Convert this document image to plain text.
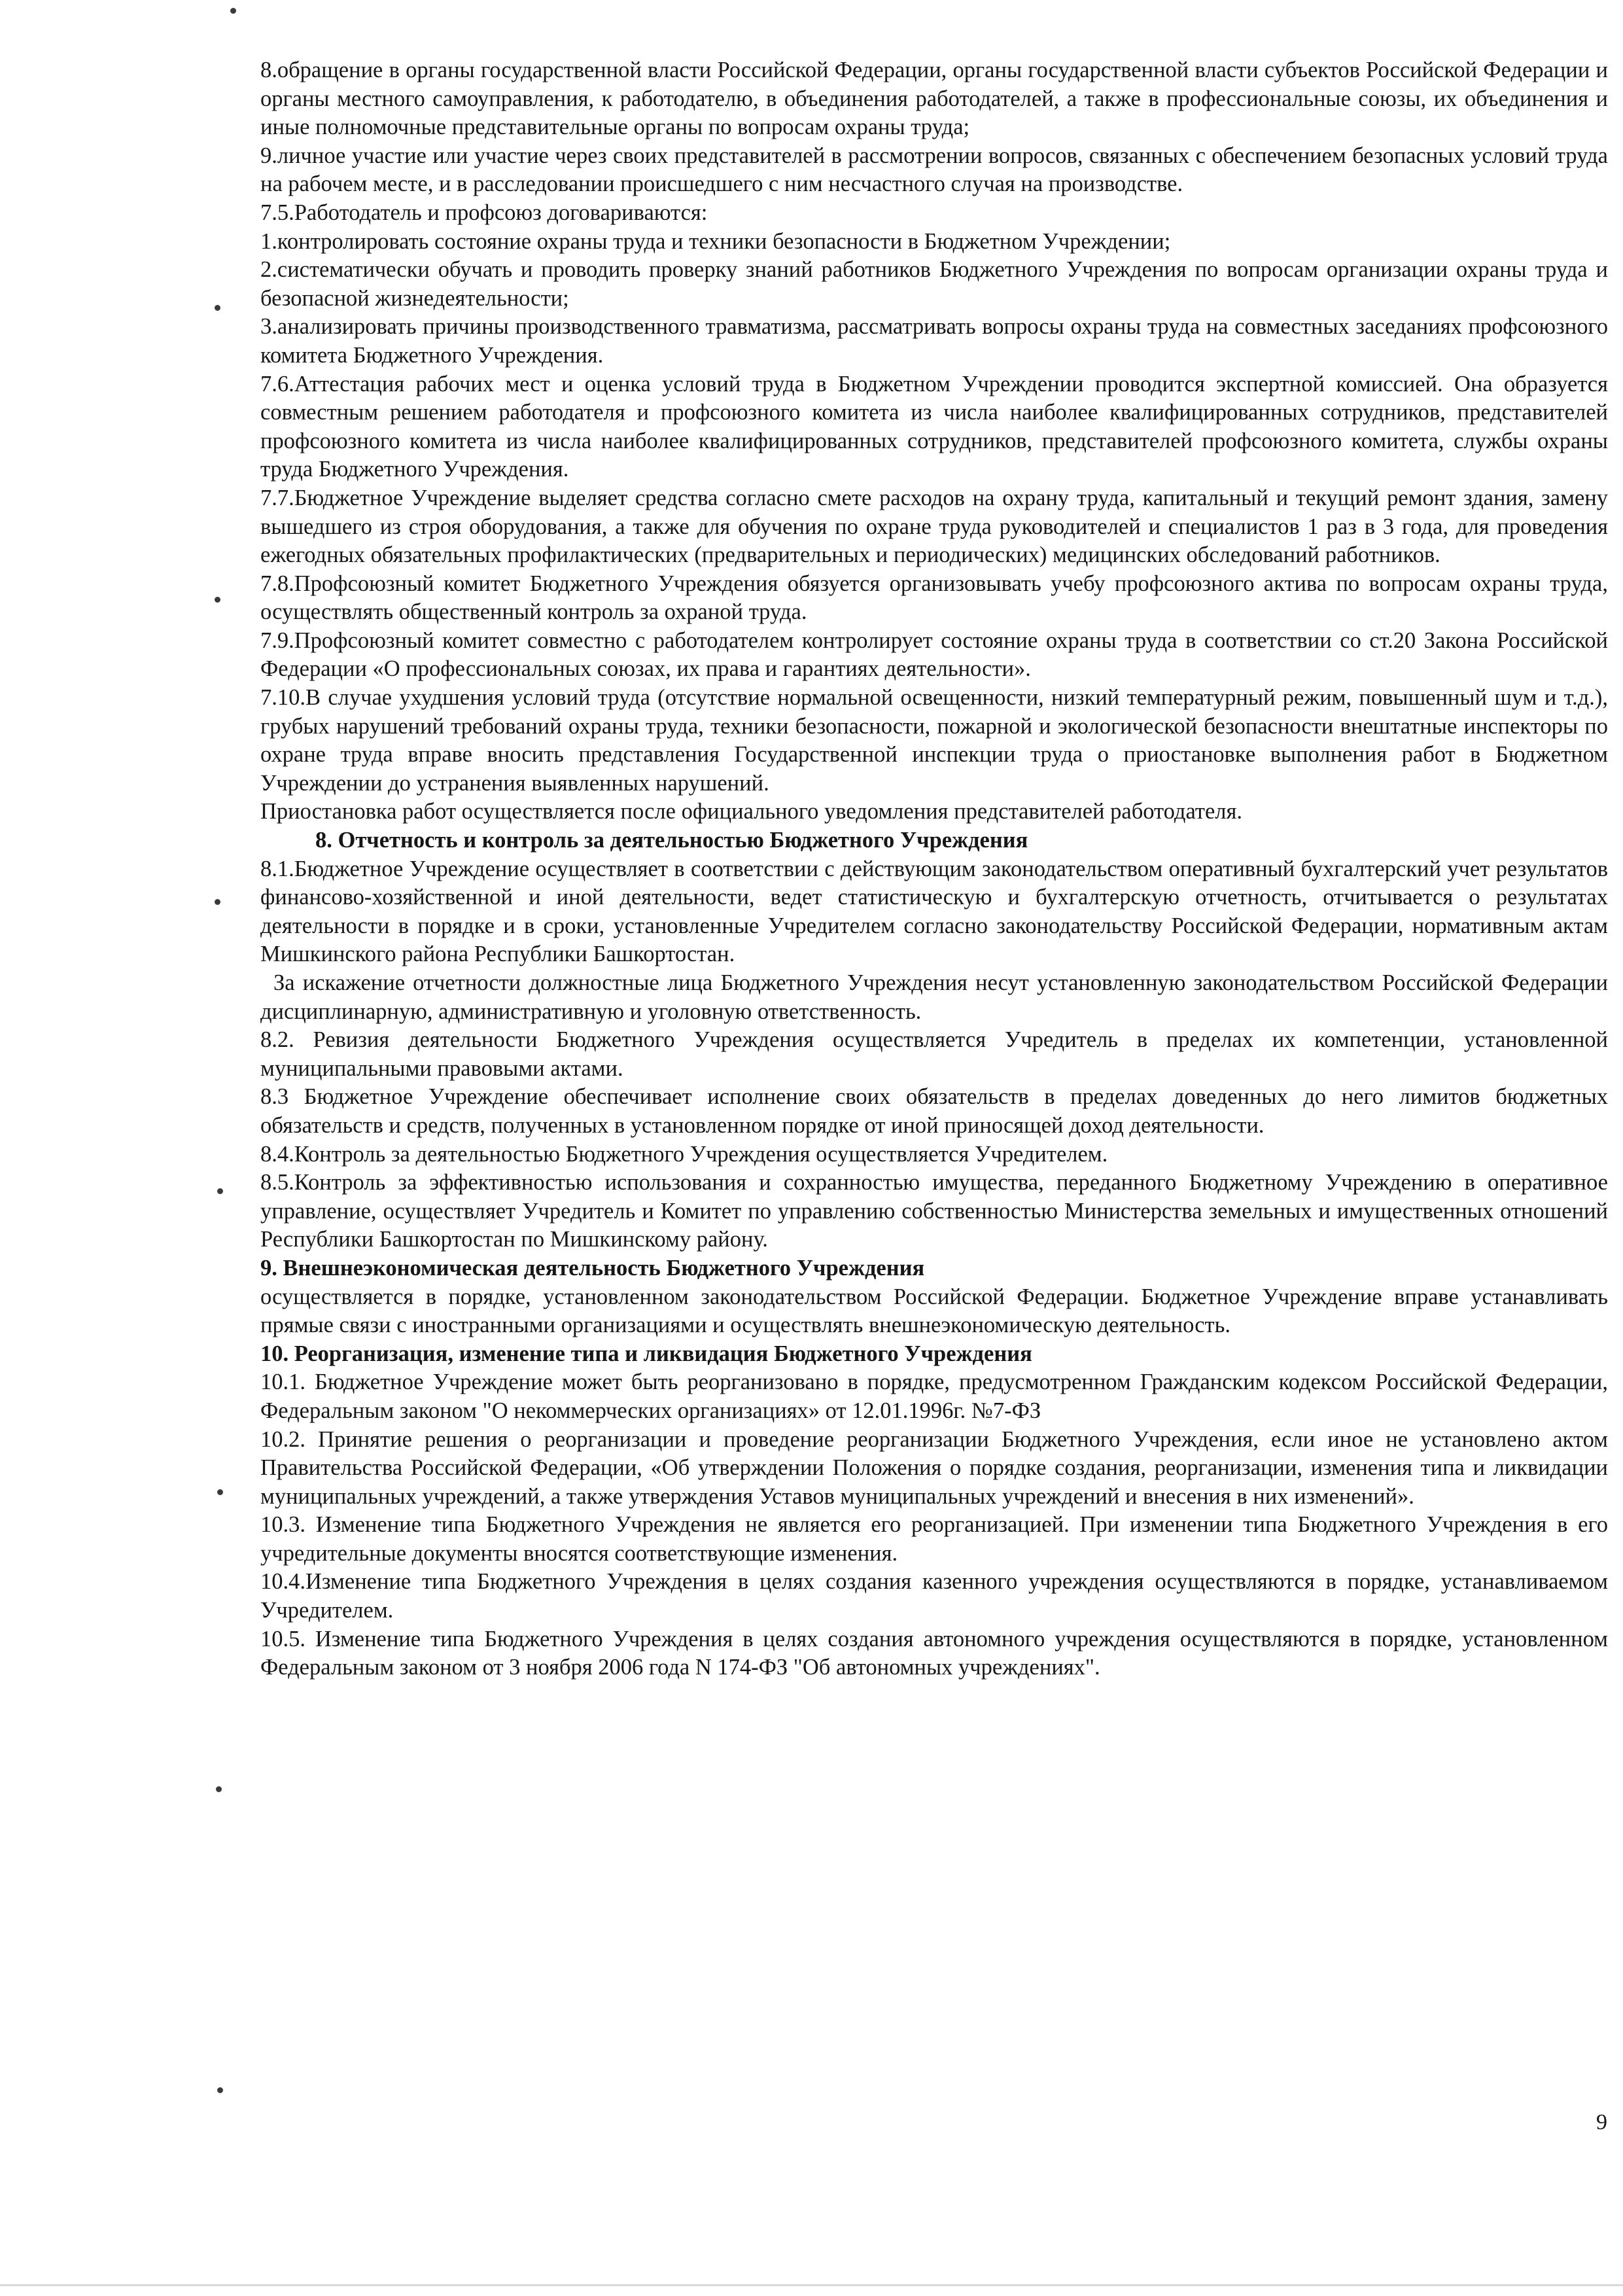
8.обращение в органы государственной власти Российской Федерации, органы государственной власти субъектов Российской Федерации и органы местного самоуправления, к работодателю, в объединения работодателей, а также в профессиональные союзы, их объединения и иные полномочные представительные органы по вопросам охраны труда;

9.личное участие или участие через своих представителей в рассмотрении вопросов, связанных с обеспечением безопасных условий труда на рабочем месте, и в расследовании происшедшего с ним несчастного случая на производстве.

7.5.Работодатель и профсоюз договариваются:

1.контролировать состояние охраны труда и техники безопасности в Бюджетном Учреждении;

2.систематически обучать и проводить проверку знаний работников Бюджетного Учреждения по вопросам организации охраны труда и безопасной жизнедеятельности;

3.анализировать причины производственного травматизма, рассматривать вопросы охраны труда на совместных заседаниях профсоюзного комитета Бюджетного Учреждения.

7.6.Аттестация рабочих мест и оценка условий труда в Бюджетном Учреждении проводится экспертной комиссией. Она образуется совместным решением работодателя и профсоюзного комитета из числа наиболее квалифицированных сотрудников, представителей профсоюзного комитета из числа наиболее квалифицированных сотрудников, представителей профсоюзного комитета, службы охраны труда Бюджетного Учреждения.

7.7.Бюджетное Учреждение выделяет средства согласно смете расходов на охрану труда, капитальный и текущий ремонт здания, замену вышедшего из строя оборудования, а также для обучения по охране труда руководителей и специалистов 1 раз в 3 года, для проведения ежегодных обязательных профилактических (предварительных и периодических) медицинских обследований работников.

7.8.Профсоюзный комитет Бюджетного Учреждения обязуется организовывать учебу профсоюзного актива по вопросам охраны труда, осуществлять общественный контроль за охраной труда.

7.9.Профсоюзный комитет совместно с работодателем контролирует состояние охраны труда в соответствии со ст.20 Закона Российской Федерации «О профессиональных союзах, их права и гарантиях деятельности».

7.10.В случае ухудшения условий труда (отсутствие нормальной освещенности, низкий температурный режим, повышенный шум и т.д.), грубых нарушений требований охраны труда, техники безопасности, пожарной и экологической безопасности внештатные инспекторы по охране труда вправе вносить представления Государственной инспекции труда о приостановке выполнения работ в Бюджетном Учреждении до устранения выявленных нарушений.

Приостановка работ осуществляется после официального уведомления представителей работодателя.

8. Отчетность и контроль за деятельностью Бюджетного Учреждения

8.1.Бюджетное Учреждение осуществляет в соответствии с действующим законодательством оперативный бухгалтерский учет результатов финансово-хозяйственной и иной деятельности, ведет статистическую и бухгалтерскую отчетность, отчитывается о результатах деятельности в порядке и в сроки, установленные Учредителем согласно законодательству Российской Федерации, нормативным актам Мишкинского района Республики Башкортостан.

За искажение отчетности должностные лица Бюджетного Учреждения несут установленную законодательством Российской Федерации дисциплинарную, административную и уголовную ответственность.

8.2. Ревизия деятельности Бюджетного Учреждения осуществляется Учредитель в пределах их компетенции, установленной муниципальными правовыми актами.

8.3 Бюджетное Учреждение обеспечивает исполнение своих обязательств в пределах доведенных до него лимитов бюджетных обязательств и средств, полученных в установленном порядке от иной приносящей доход деятельности.

8.4.Контроль за деятельностью Бюджетного Учреждения осуществляется Учредителем.

8.5.Контроль за эффективностью использования и сохранностью имущества, переданного Бюджетному Учреждению в оперативное управление, осуществляет Учредитель и Комитет по управлению собственностью Министерства земельных и имущественных отношений Республики Башкортостан по Мишкинскому району.

9. Внешнеэкономическая деятельность Бюджетного Учреждения

осуществляется в порядке, установленном законодательством Российской Федерации. Бюджетное Учреждение вправе устанавливать прямые связи с иностранными организациями и осуществлять внешнеэкономическую деятельность.

10. Реорганизация, изменение типа и ликвидация Бюджетного Учреждения

10.1. Бюджетное Учреждение может быть реорганизовано в порядке, предусмотренном Гражданским кодексом Российской Федерации, Федеральным законом "О некоммерческих организациях» от 12.01.1996г. №7-ФЗ

10.2. Принятие решения о реорганизации и проведение реорганизации Бюджетного Учреждения, если иное не установлено актом Правительства Российской Федерации, «Об утверждении Положения о порядке создания, реорганизации, изменения типа и ликвидации муниципальных учреждений, а также утверждения Уставов муниципальных учреждений и внесения в них изменений».

10.3. Изменение типа Бюджетного Учреждения не является его реорганизацией. При изменении типа Бюджетного Учреждения в его учредительные документы вносятся соответствующие изменения.

10.4.Изменение типа Бюджетного Учреждения в целях создания казенного учреждения осуществляются в порядке, устанавливаемом Учредителем.

10.5. Изменение типа Бюджетного Учреждения в целях создания автономного учреждения осуществляются в порядке, установленном Федеральным законом от 3 ноября 2006 года N 174-ФЗ "Об автономных учреждениях".

9
